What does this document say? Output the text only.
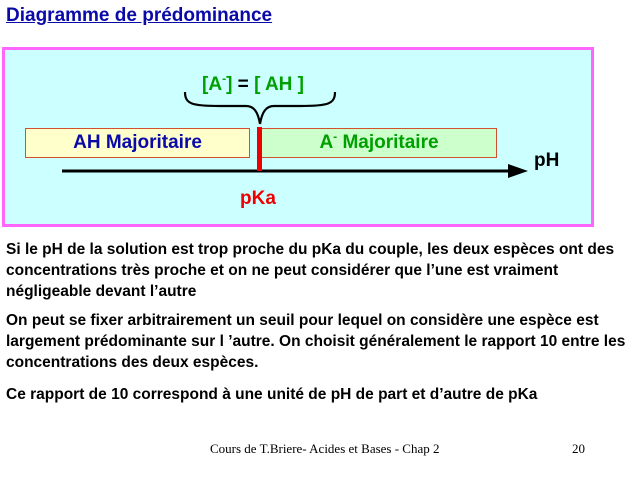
Diagramme de prédominance
[A-] = [ AH ]
AH Majoritaire	A- Majoritaire
pH
pKa
Si le pH de la solution est trop proche du pKa du couple, les deux espèces ont des concentrations très proche et on ne peut considérer que l’une est vraiment négligeable devant l’autre
On peut se fixer arbitrairement un seuil pour lequel on considère une espèce est largement prédominante sur l ’autre. On choisit généralement le rapport 10 entre les concentrations des deux espèces.
Ce rapport de 10 correspond à une unité de pH de part et d’autre de pKa
Cours de T.Briere- Acides et Bases - Chap 2	20
